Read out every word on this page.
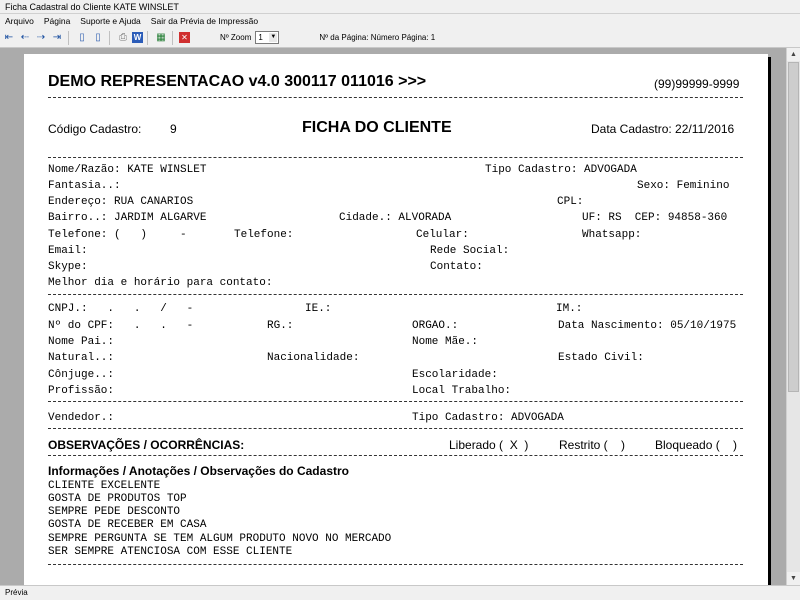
Ficha Cadastral do Cliente KATE WINSLET
Arquivo	Página	Suporte e Ajuda	Sair da Prévia de Impressão
⇤ ⇠ ⇢ ⇥	▯	▯	⎙ W ▦ ✕	Nº Zoom 1 ▼	Nº da Página: Número Página: 1
DEMO REPRESENTACAO v4.0 300117 011016 >>>	(99)99999-9999
Código Cadastro: 9	FICHA DO CLIENTE	Data Cadastro: 22/11/2016
Nome/Razão: KATE WINSLET	Tipo Cadastro: ADVOGADA
Fantasia..:	Sexo: Feminino
Endereço: RUA CANARIOS	CPL:
Bairro..: JARDIM ALGARVE	Cidade.: ALVORADA	UF: RS  CEP: 94858-360
Telefone: (   )     -	Telefone:	Celular:	Whatsapp:
Email:	Rede Social:
Skype:	Contato:
Melhor dia e horário para contato:
CNPJ.:   .   .   /   -	IE.:	IM.:
Nº do CPF:   .   .   -	RG.:	ORGAO.:	Data Nascimento: 05/10/1975
Nome Pai.:	Nome Mãe.:
Natural..:	Nacionalidade:	Estado Civil:
Cônjuge..:	Escolaridade:
Profissão:	Local Trabalho:
Vendedor.:	Tipo Cadastro: ADVOGADA
OBSERVAÇÕES / OCORRÊNCIAS:	Liberado (  X  )	Restrito (    ) Bloqueado (    )
Informações / Anotações / Observações do Cadastro
CLIENTE EXCELENTE
GOSTA DE PRODUTOS TOP
SEMPRE PEDE DESCONTO
GOSTA DE RECEBER EM CASA
SEMPRE PERGUNTA SE TEM ALGUM PRODUTO NOVO NO MERCADO
SER SEMPRE ATENCIOSA COM ESSE CLIENTE
▲
▼
Prévia
